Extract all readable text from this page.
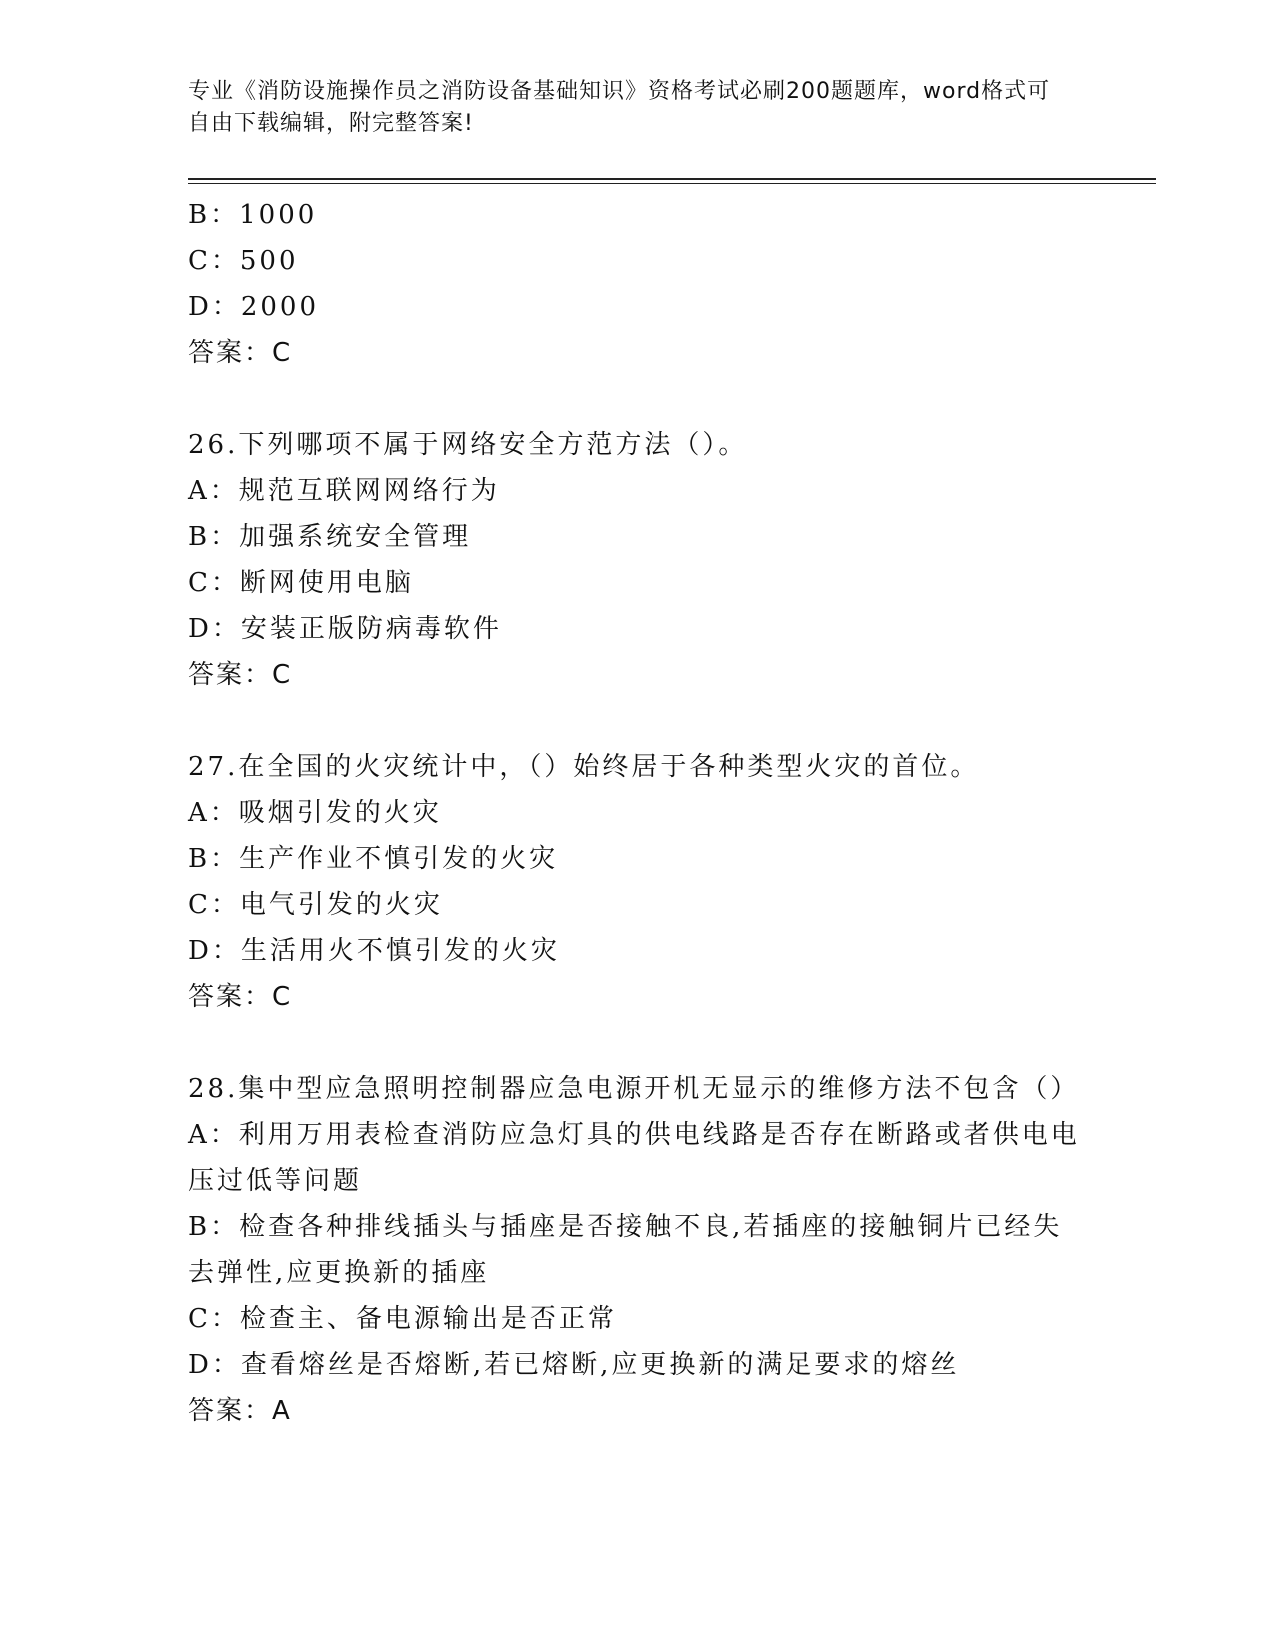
专业《消防设施操作员之消防设备基础知识》资格考试必刷200题题库，word格式可自由下载编辑，附完整答案!
B：1000
C：500
D：2000
答案：C
26.下列哪项不属于网络安全方范方法（）。
A：规范互联网网络行为
B：加强系统安全管理
C：断网使用电脑
D：安装正版防病毒软件
答案：C
27.在全国的火灾统计中，（）始终居于各种类型火灾的首位。
A：吸烟引发的火灾
B：生产作业不慎引发的火灾
C：电气引发的火灾
D：生活用火不慎引发的火灾
答案：C
28.集中型应急照明控制器应急电源开机无显示的维修方法不包含（）
A：利用万用表检查消防应急灯具的供电线路是否存在断路或者供电电压过低等问题
B：检查各种排线插头与插座是否接触不良,若插座的接触铜片已经失去弹性,应更换新的插座
C：检查主、备电源输出是否正常
D：查看熔丝是否熔断,若已熔断,应更换新的满足要求的熔丝
答案：A
